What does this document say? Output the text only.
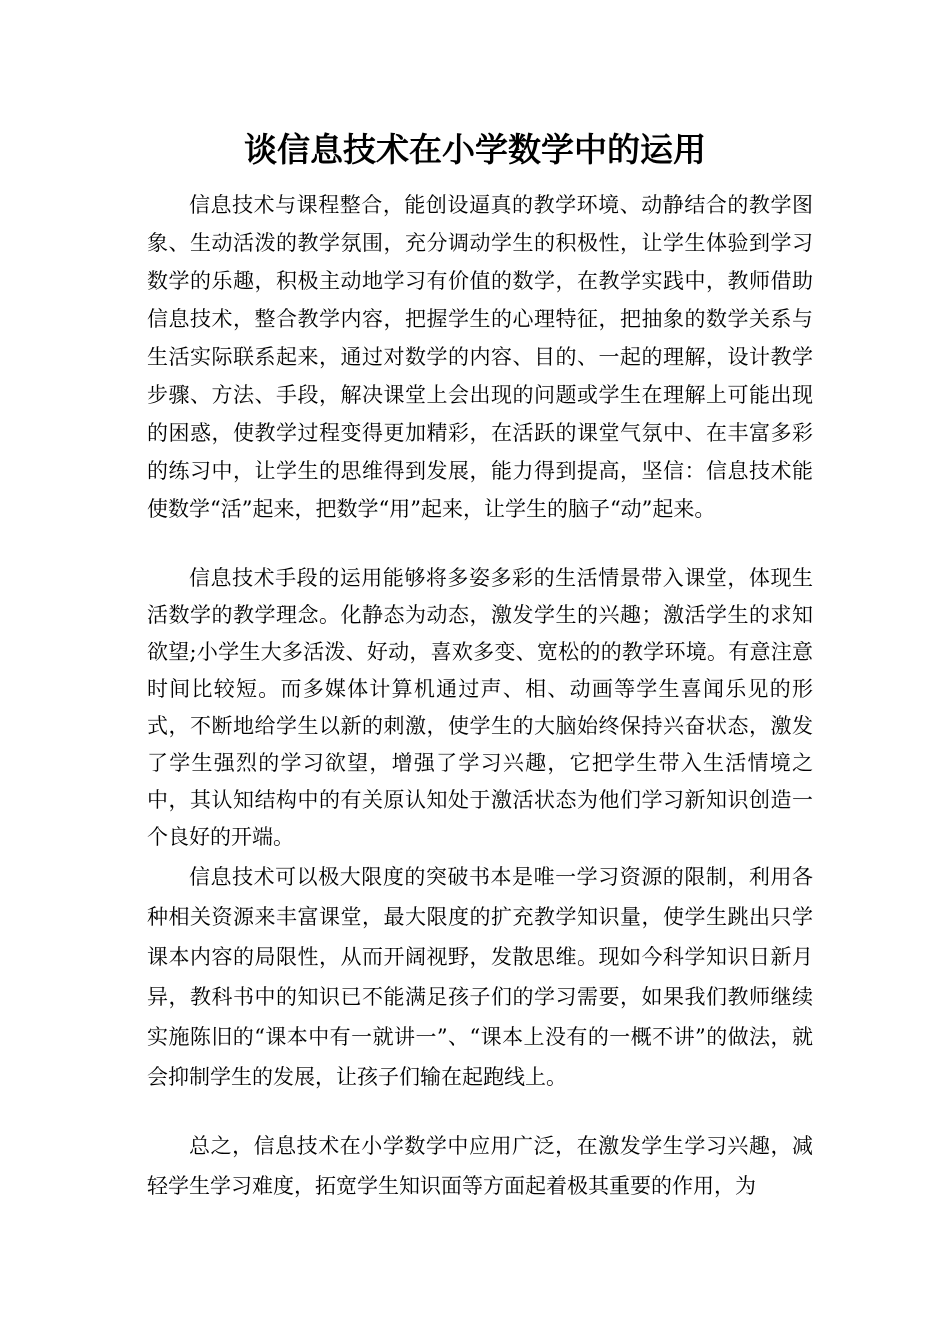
谈信息技术在小学数学中的运用

信息技术与课程整合，能创设逼真的教学环境、动静结合的教学图象、生动活泼的教学氛围，充分调动学生的积极性，让学生体验到学习数学的乐趣，积极主动地学习有价值的数学，在教学实践中，教师借助信息技术，整合教学内容，把握学生的心理特征，把抽象的数学关系与生活实际联系起来，通过对数学的内容、目的、一起的理解，设计教学步骤、方法、手段，解决课堂上会出现的问题或学生在理解上可能出现的困惑，使教学过程变得更加精彩，在活跃的课堂气氛中、在丰富多彩的练习中，让学生的思维得到发展，能力得到提高，坚信：信息技术能使数学“活”起来，把数学“用”起来，让学生的脑子“动”起来。

信息技术手段的运用能够将多姿多彩的生活情景带入课堂，体现生活数学的教学理念。化静态为动态，激发学生的兴趣；激活学生的求知欲望;小学生大多活泼、好动，喜欢多变、宽松的的教学环境。有意注意时间比较短。而多媒体计算机通过声、相、动画等学生喜闻乐见的形式，不断地给学生以新的刺激，使学生的大脑始终保持兴奋状态，激发了学生强烈的学习欲望，增强了学习兴趣，它把学生带入生活情境之中，其认知结构中的有关原认知处于激活状态为他们学习新知识创造一个良好的开端。

信息技术可以极大限度的突破书本是唯一学习资源的限制，利用各种相关资源来丰富课堂，最大限度的扩充教学知识量，使学生跳出只学课本内容的局限性，从而开阔视野，发散思维。现如今科学知识日新月异，教科书中的知识已不能满足孩子们的学习需要，如果我们教师继续实施陈旧的“课本中有一就讲一”、“课本上没有的一概不讲”的做法，就会抑制学生的发展，让孩子们输在起跑线上。

总之，信息技术在小学数学中应用广泛，在激发学生学习兴趣，减轻学生学习难度，拓宽学生知识面等方面起着极其重要的作用，为
